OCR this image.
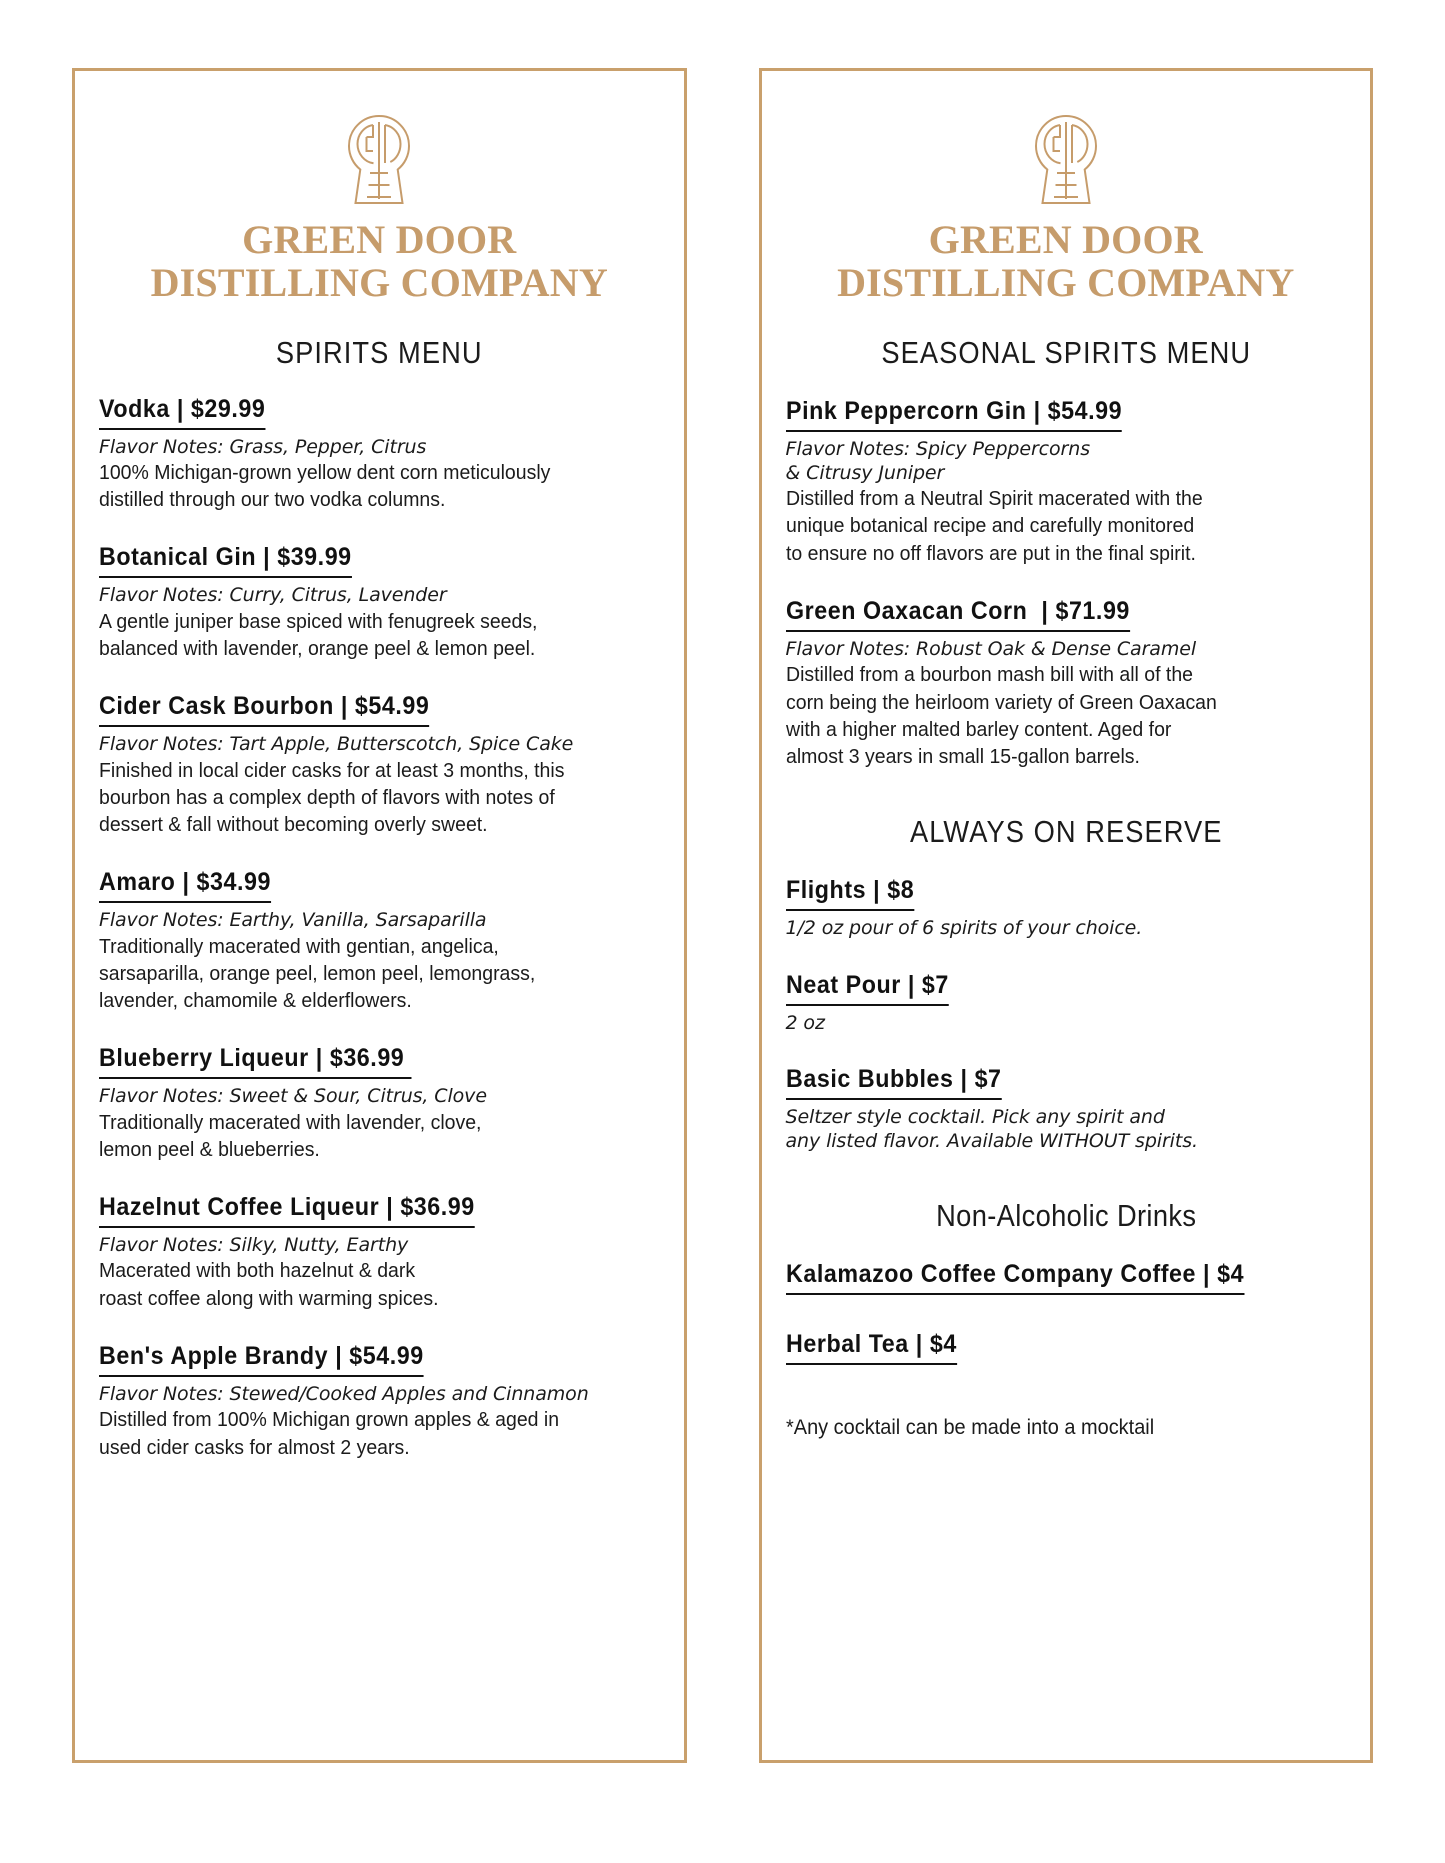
GREEN DOOR
DISTILLING COMPANY
SPIRITS MENU
Vodka | $29.99
Flavor Notes: Grass, Pepper, Citrus
100% Michigan-grown yellow dent corn meticulously
distilled through our two vodka columns.
Botanical Gin | $39.99
Flavor Notes: Curry, Citrus, Lavender
A gentle juniper base spiced with fenugreek seeds,
balanced with lavender, orange peel & lemon peel.
Cider Cask Bourbon | $54.99
Flavor Notes: Tart Apple, Butterscotch, Spice Cake
Finished in local cider casks for at least 3 months, this
bourbon has a complex depth of flavors with notes of
dessert & fall without becoming overly sweet.
Amaro | $34.99
Flavor Notes: Earthy, Vanilla, Sarsaparilla
Traditionally macerated with gentian, angelica,
sarsaparilla, orange peel, lemon peel, lemongrass,
lavender, chamomile & elderflowers.
Blueberry Liqueur | $36.99
Flavor Notes: Sweet & Sour, Citrus, Clove
Traditionally macerated with lavender, clove,
lemon peel & blueberries.
Hazelnut Coffee Liqueur | $36.99
Flavor Notes: Silky, Nutty, Earthy
Macerated with both hazelnut & dark
roast coffee along with warming spices.
Ben's Apple Brandy | $54.99
Flavor Notes: Stewed/Cooked Apples and Cinnamon
Distilled from 100% Michigan grown apples & aged in
used cider casks for almost 2 years.
GREEN DOOR
DISTILLING COMPANY
SEASONAL SPIRITS MENU
Pink Peppercorn Gin | $54.99
Flavor Notes: Spicy Peppercorns
& Citrusy Juniper
Distilled from a Neutral Spirit macerated with the
unique botanical recipe and carefully monitored
to ensure no off flavors are put in the final spirit.
Green Oaxacan Corn  | $71.99
Flavor Notes: Robust Oak & Dense Caramel
Distilled from a bourbon mash bill with all of the
corn being the heirloom variety of Green Oaxacan
with a higher malted barley content. Aged for
almost 3 years in small 15-gallon barrels.
ALWAYS ON RESERVE
Flights | $8
1/2 oz pour of 6 spirits of your choice.
Neat Pour | $7
2 oz
Basic Bubbles | $7
Seltzer style cocktail. Pick any spirit and
any listed flavor. Available WITHOUT spirits.
Non-Alcoholic Drinks
Kalamazoo Coffee Company Coffee | $4
Herbal Tea | $4
*Any cocktail can be made into a mocktail
